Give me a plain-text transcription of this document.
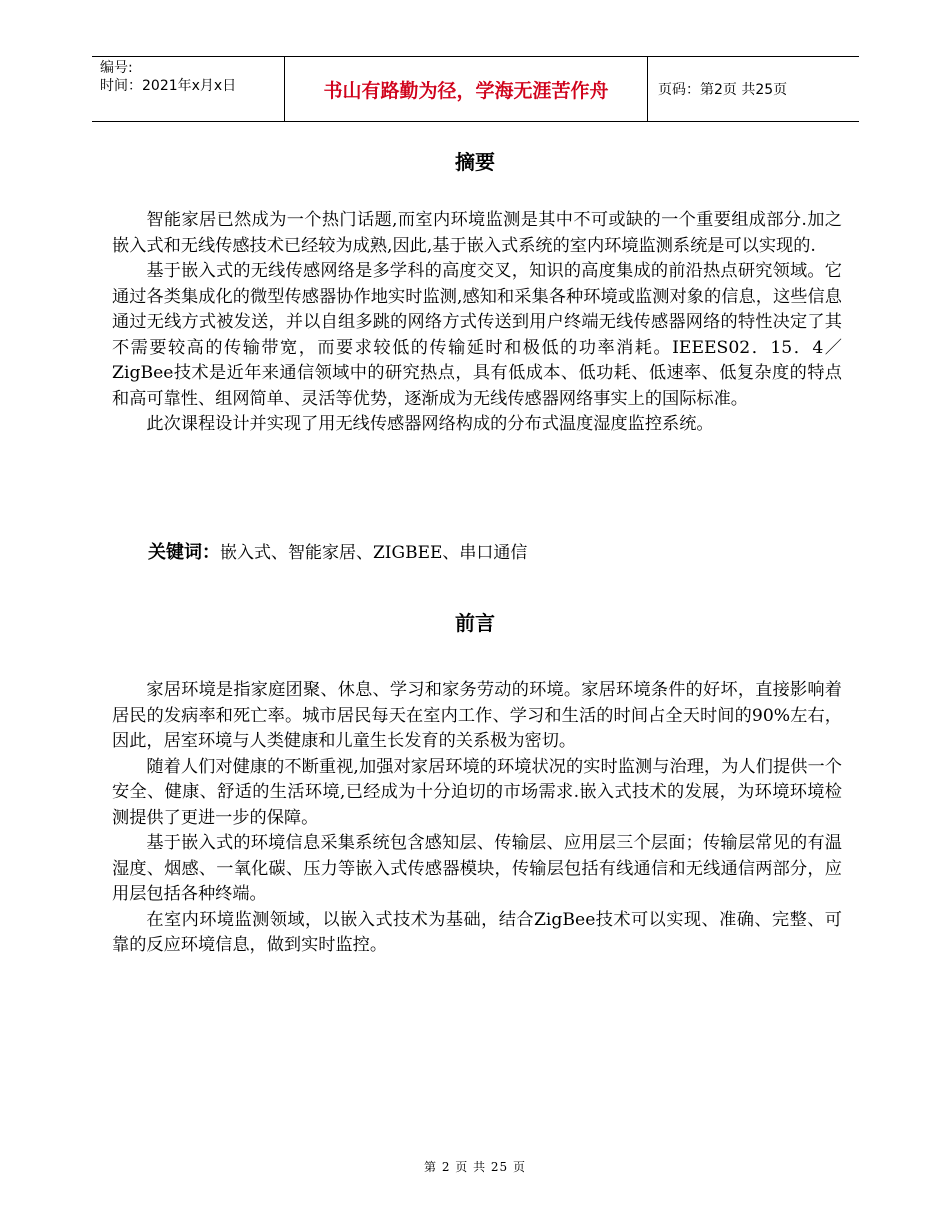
编号:
时间：2021年x月x日	书山有路勤为径，学海无涯苦作舟	页码：第2页 共25页
摘要

智能家居已然成为一个热门话题,而室内环境监测是其中不可或缺的一个重要组成部分.加之嵌入式和无线传感技术已经较为成熟,因此,基于嵌入式系统的室内环境监测系统是可以实现的.

基于嵌入式的无线传感网络是多学科的高度交叉，知识的高度集成的前沿热点研究领域。它通过各类集成化的微型传感器协作地实时监测,感知和采集各种环境或监测对象的信息，这些信息通过无线方式被发送，并以自组多跳的网络方式传送到用户终端无线传感器网络的特性决定了其不需要较高的传输带宽，而要求较低的传输延时和极低的功率消耗。IEEES02．15．4／ZigBee技术是近年来通信领域中的研究热点，具有低成本、低功耗、低速率、低复杂度的特点和高可靠性、组网简单、灵活等优势，逐渐成为无线传感器网络事实上的国际标准。

此次课程设计并实现了用无线传感器网络构成的分布式温度湿度监控系统。

关键词：嵌入式、智能家居、ZIGBEE、串口通信
前言

家居环境是指家庭团聚、休息、学习和家务劳动的环境。家居环境条件的好坏，直接影响着居民的发病率和死亡率。城市居民每天在室内工作、学习和生活的时间占全天时间的90%左右，因此，居室环境与人类健康和儿童生长发育的关系极为密切。

随着人们对健康的不断重视,加强对家居环境的环境状况的实时监测与治理，为人们提供一个安全、健康、舒适的生活环境,已经成为十分迫切的市场需求.嵌入式技术的发展，为环境环境检测提供了更进一步的保障。

基于嵌入式的环境信息采集系统包含感知层、传输层、应用层三个层面；传输层常见的有温湿度、烟感、一氧化碳、压力等嵌入式传感器模块，传输层包括有线通信和无线通信两部分，应用层包括各种终端。

在室内环境监测领域，以嵌入式技术为基础，结合ZigBee技术可以实现、准确、完整、可靠的反应环境信息，做到实时监控。

第 2 页 共 25 页
